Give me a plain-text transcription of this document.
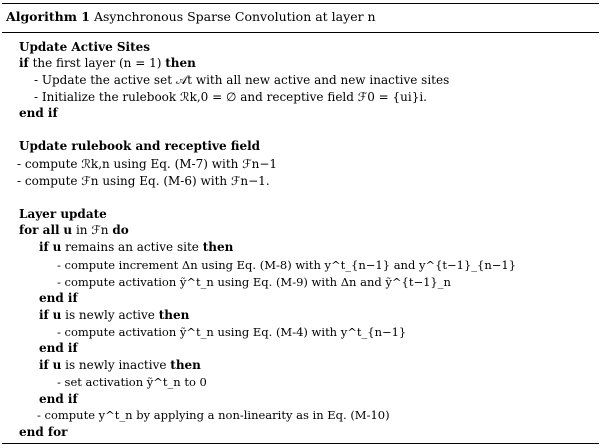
Algorithm 1 Asynchronous Sparse Convolution at layer n
Update Active Sites
if the first layer (n = 1) then
- Update the active set 𝒜t with all new active and new inactive sites
- Initialize the rulebook ℛk,0 = ∅ and receptive field ℱ0 = {ui}i.
end if
Update rulebook and receptive field
- compute ℛk,n using Eq. (M-7) with ℱn−1
- compute ℱn using Eq. (M-6) with ℱn−1.
Layer update
for all u in ℱn do
if u remains an active site then
- compute increment Δn using Eq. (M-8) with y^t_{n−1} and y^{t−1}_{n−1}
- compute activation ỹ^t_n using Eq. (M-9) with Δn and ỹ^{t−1}_n
end if
if u is newly active then
- compute activation ỹ^t_n using Eq. (M-4) with y^t_{n−1}
end if
if u is newly inactive then
- set activation ỹ^t_n to 0
end if
- compute y^t_n by applying a non-linearity as in Eq. (M-10)
end for
